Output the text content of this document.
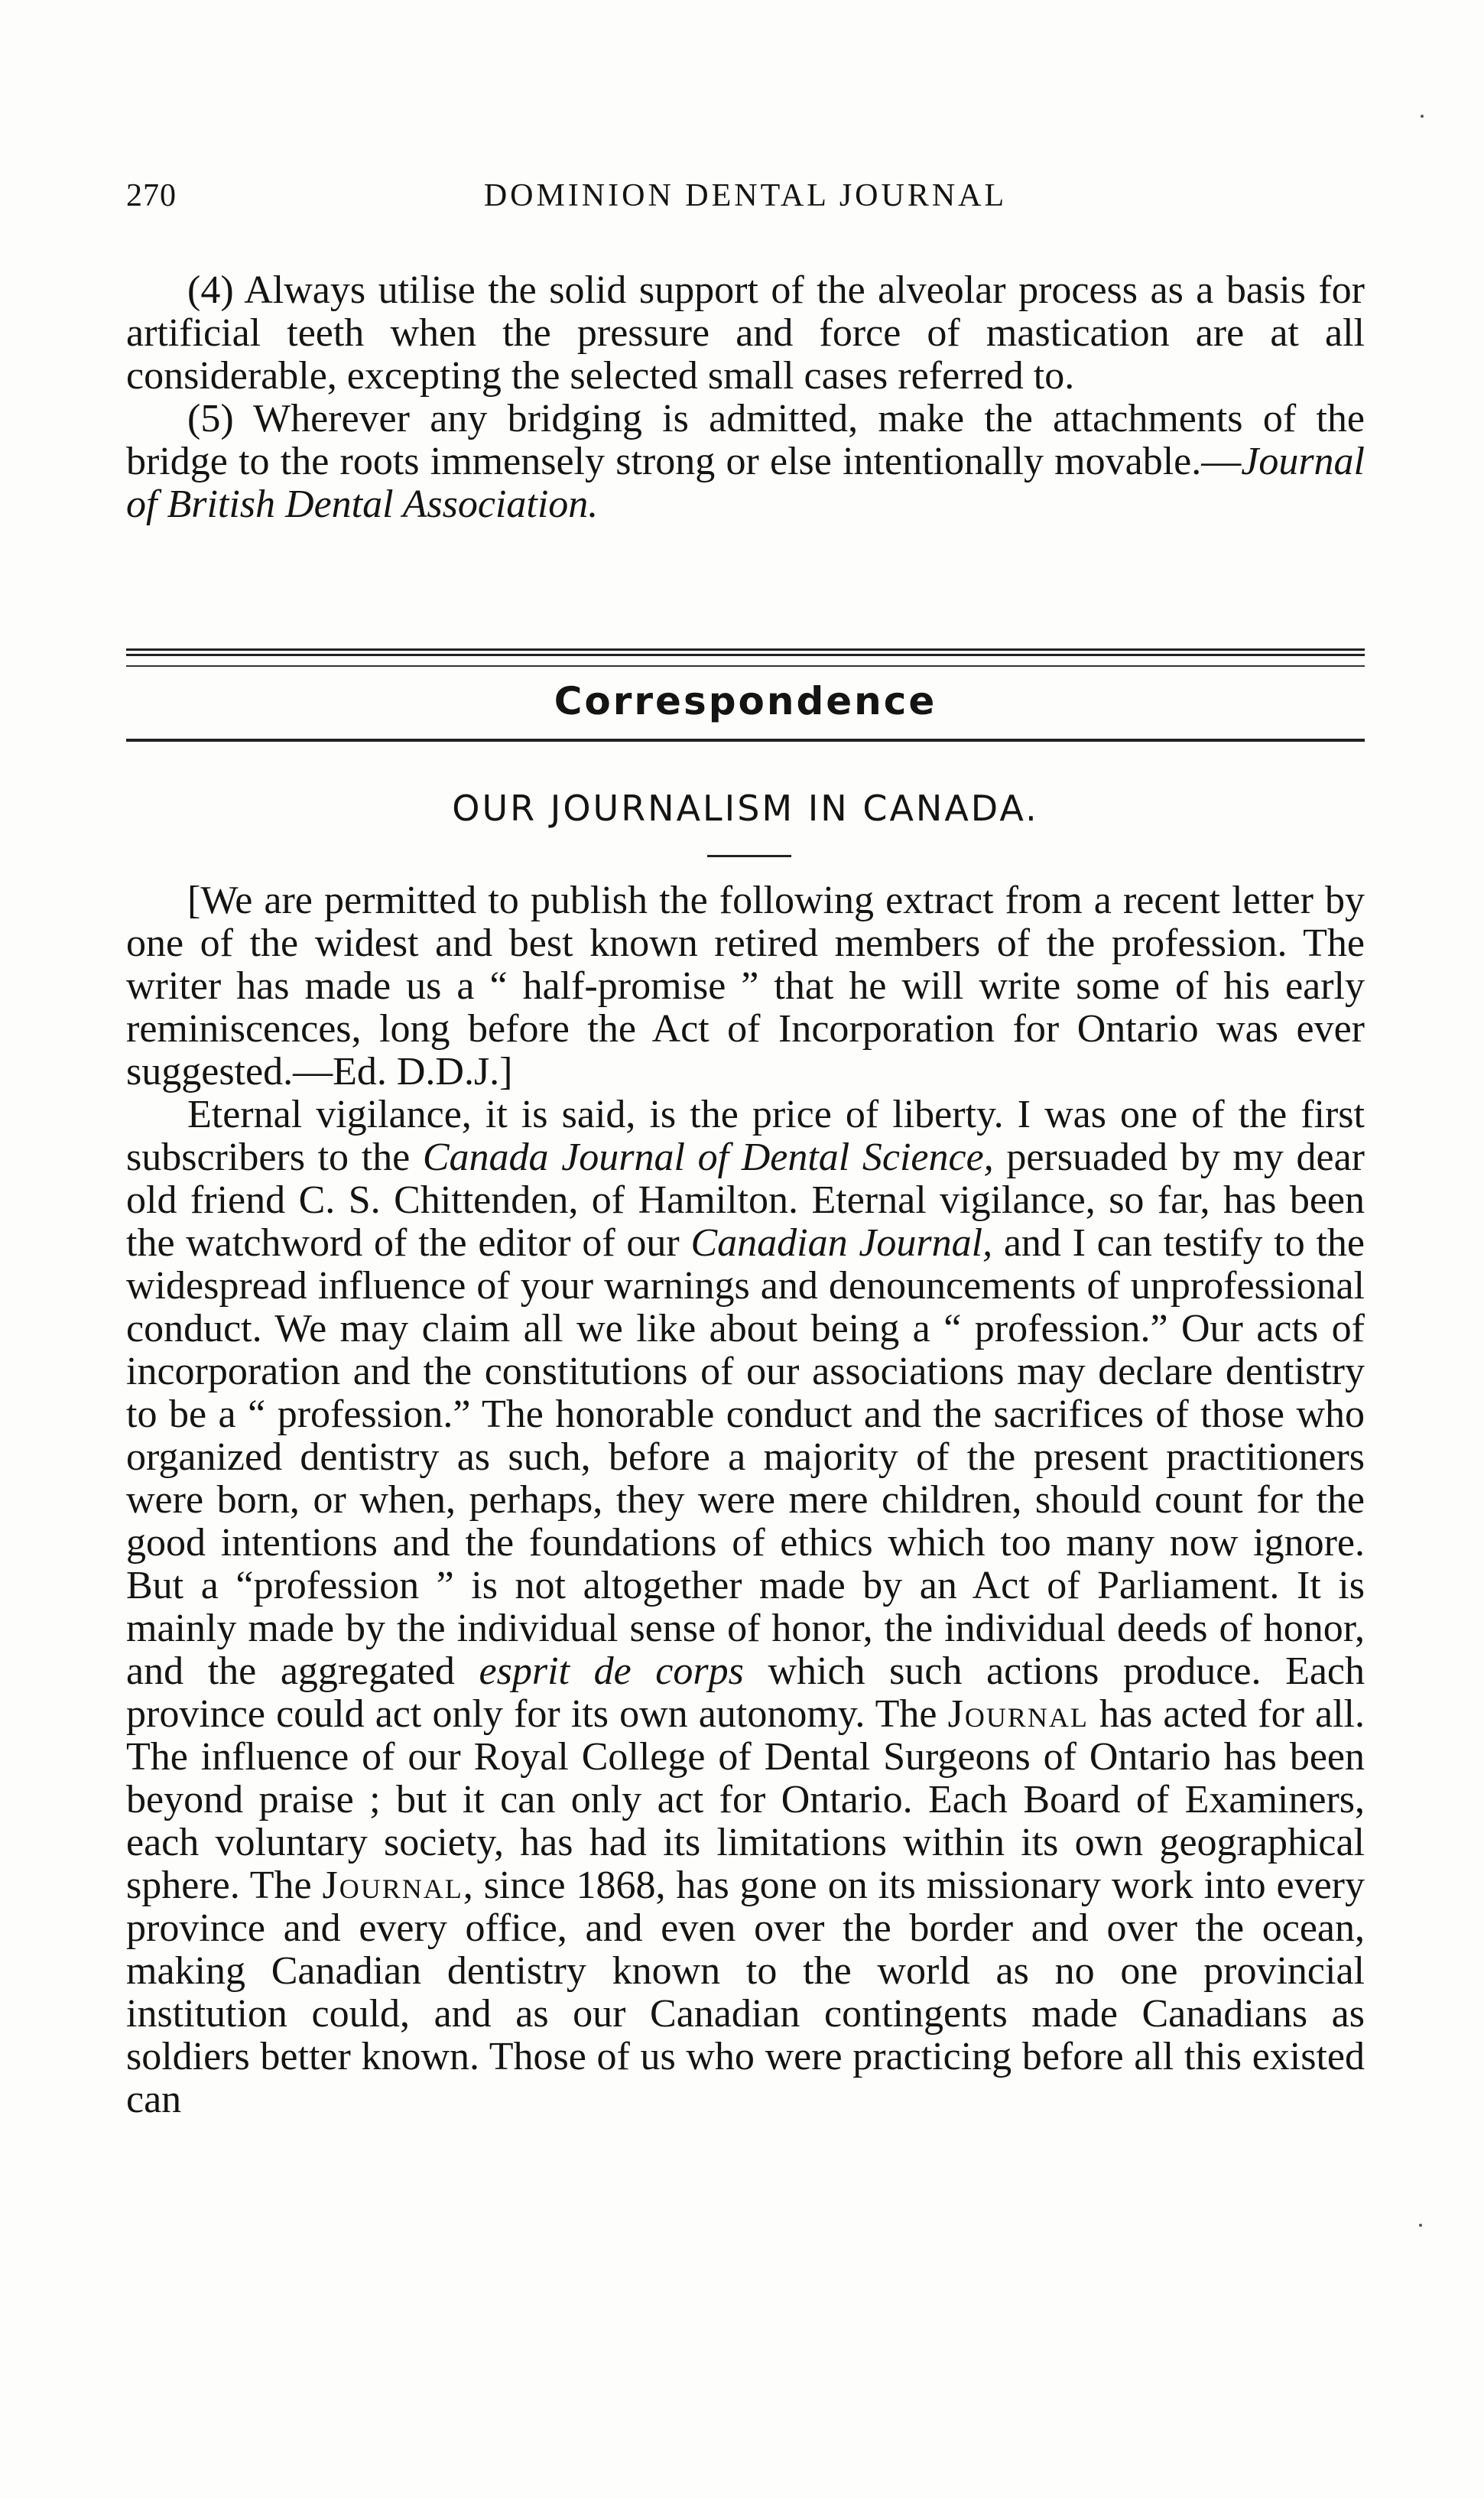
270	DOMINION DENTAL JOURNAL

(4) Always utilise the solid support of the alveolar process as a basis for artificial teeth when the pressure and force of mastication are at all considerable, excepting the selected small cases referred to.

(5) Wherever any bridging is admitted, make the attachments of the bridge to the roots immensely strong or else intentionally movable.—Journal of British Dental Association.

Correspondence
OUR JOURNALISM IN CANADA.

[We are permitted to publish the following extract from a recent letter by one of the widest and best known retired members of the profession. The writer has made us a “ half-promise ” that he will write some of his early reminiscences, long before the Act of Incorporation for Ontario was ever suggested.—Ed. D.D.J.]

Eternal vigilance, it is said, is the price of liberty. I was one of the first subscribers to the Canada Journal of Dental Science, persuaded by my dear old friend C. S. Chittenden, of Hamilton. Eternal vigilance, so far, has been the watchword of the editor of our Canadian Journal, and I can testify to the widespread influence of your warnings and denouncements of unprofessional conduct. We may claim all we like about being a “ profession.” Our acts of incorporation and the constitutions of our associations may declare dentistry to be a “ profession.” The honorable conduct and the sacrifices of those who organized dentistry as such, before a majority of the present practitioners were born, or when, perhaps, they were mere children, should count for the good intentions and the foundations of ethics which too many now ignore. But a “profession ” is not altogether made by an Act of Parliament. It is mainly made by the individual sense of honor, the individual deeds of honor, and the aggregated esprit de corps which such actions produce. Each province could act only for its own autonomy. The Journal has acted for all. The influence of our Royal College of Dental Surgeons of Ontario has been beyond praise ; but it can only act for Ontario. Each Board of Examiners, each voluntary society, has had its limitations within its own geographical sphere. The Journal, since 1868, has gone on its missionary work into every province and every office, and even over the border and over the ocean, making Canadian dentistry known to the world as no one provincial institution could, and as our Canadian contingents made Canadians as soldiers better known. Those of us who were practicing before all this existed can
